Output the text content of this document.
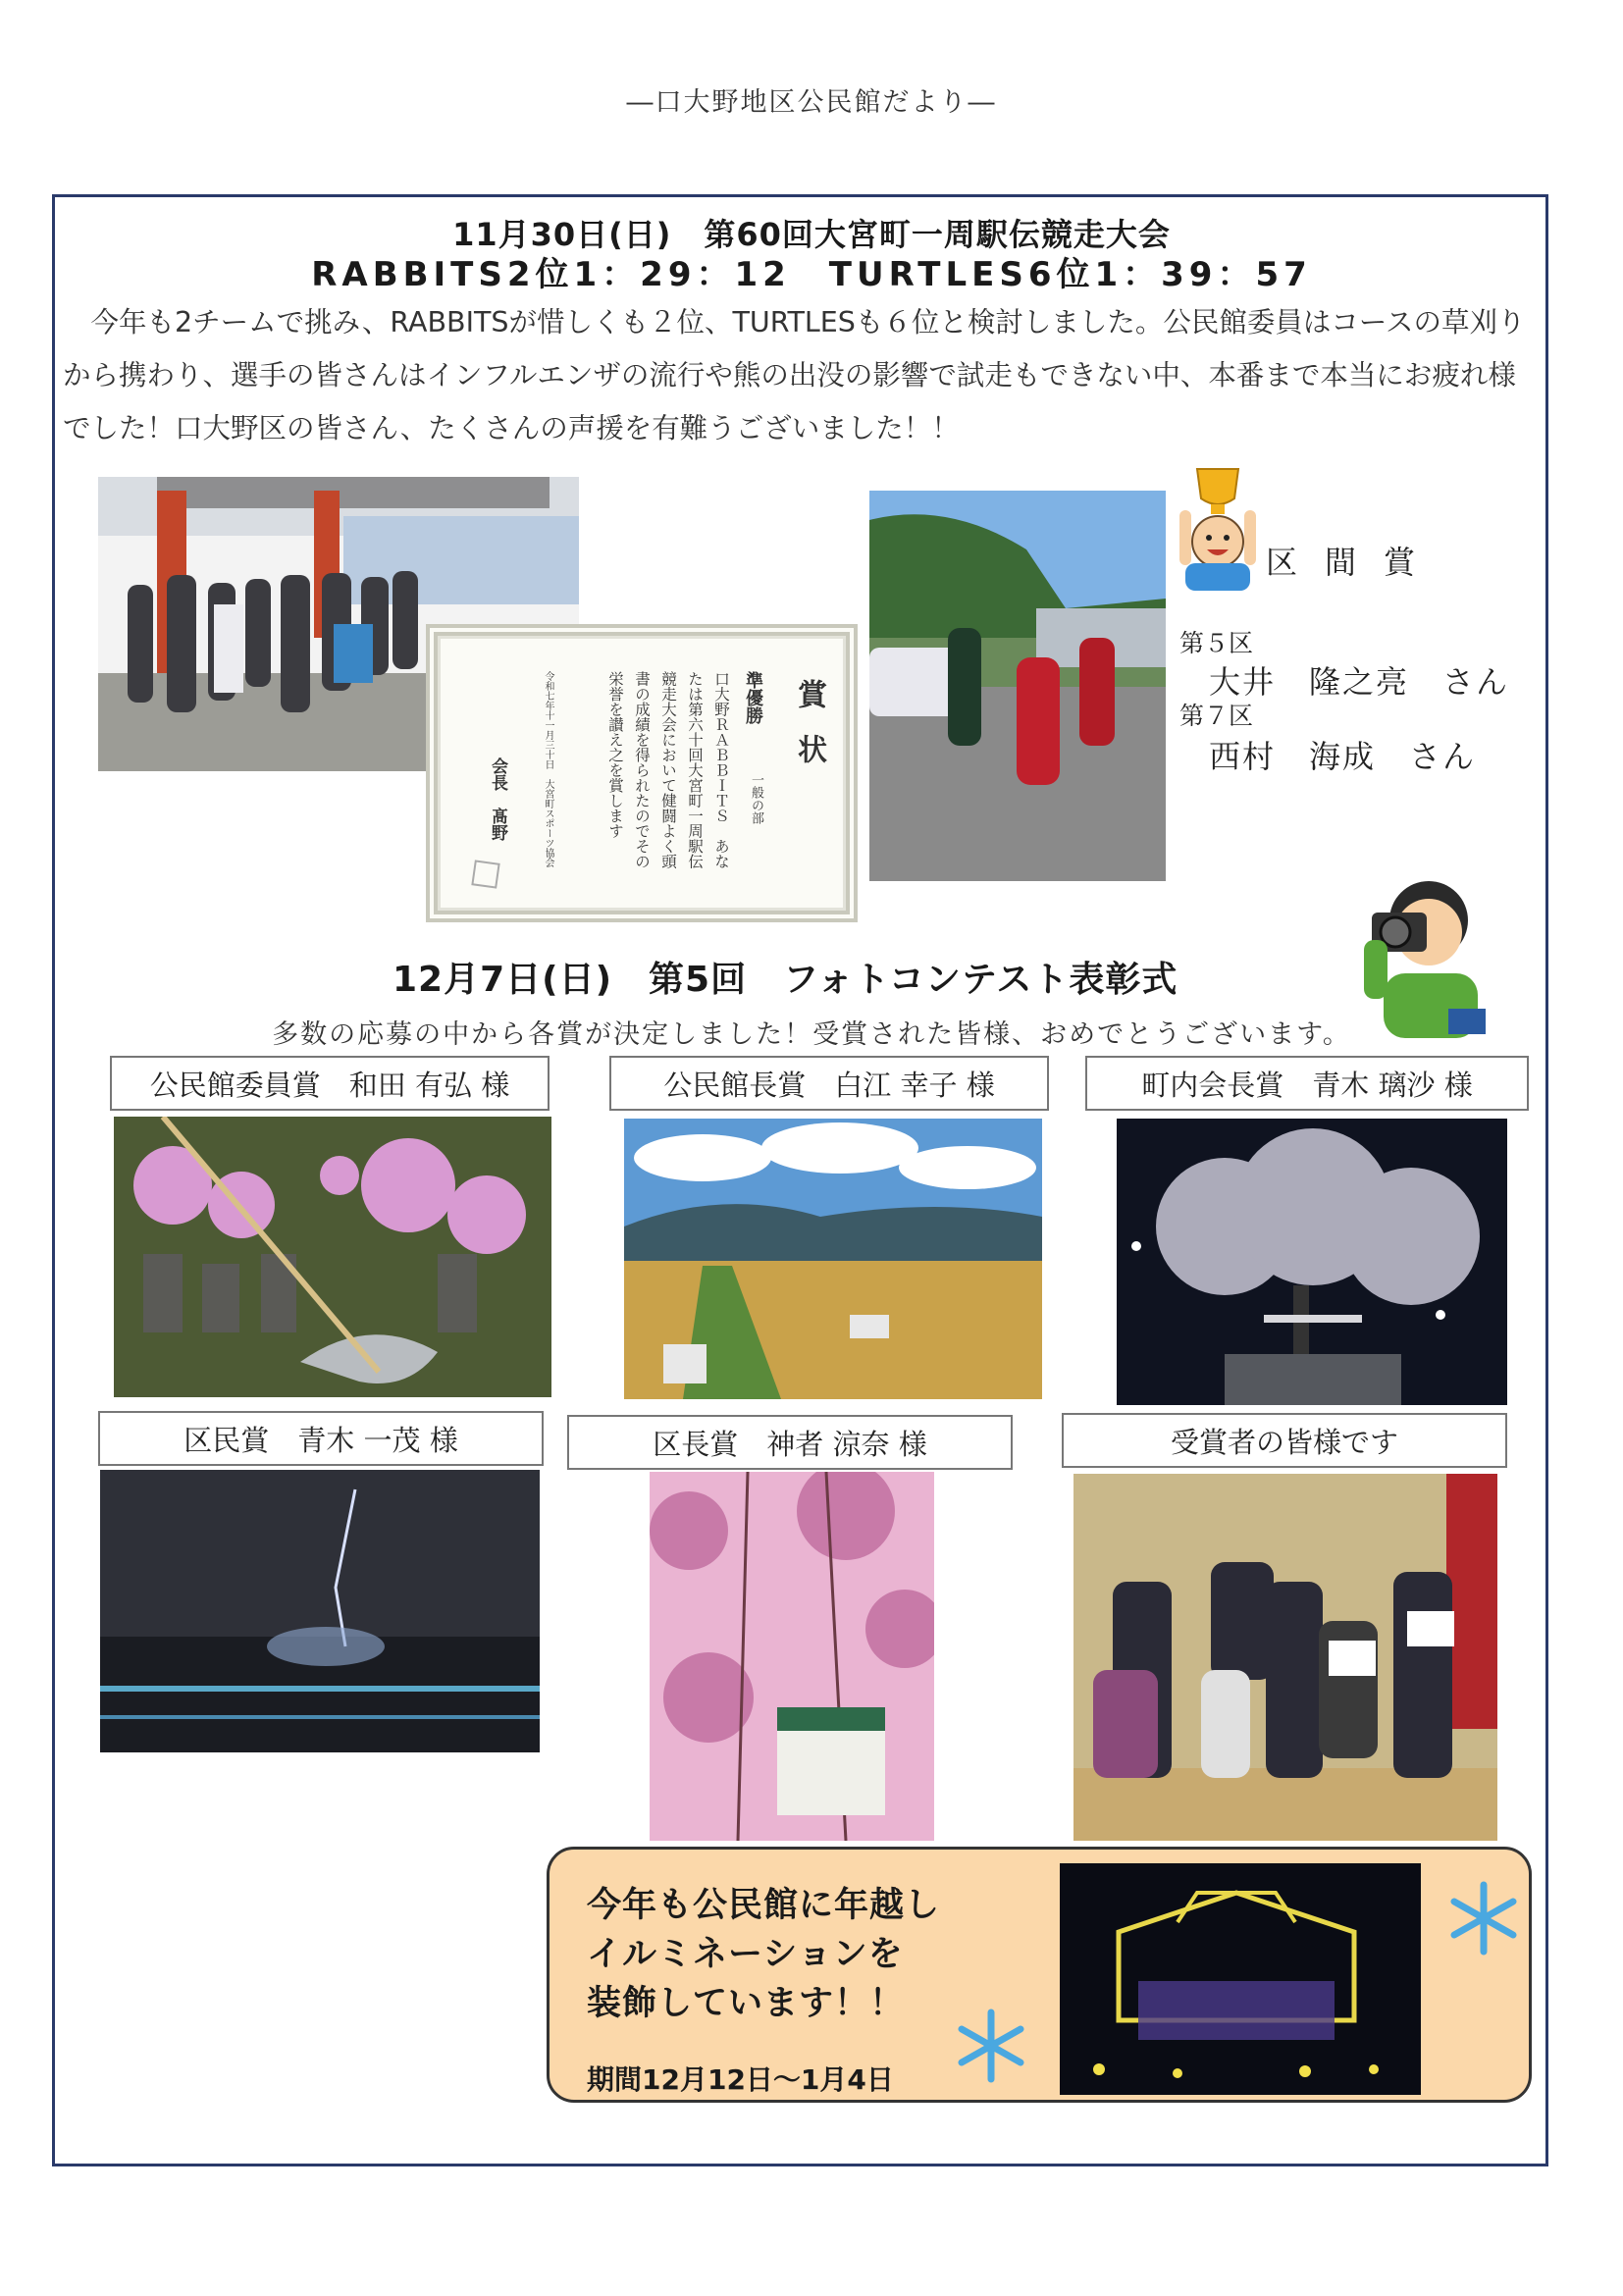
―口大野地区公民館だより―
11月30日(日)　第60回大宮町一周駅伝競走大会
RABBITS2位1：29：12　TURTLES6位1：39：57
　今年も2チームで挑み、RABBITSが惜しくも２位、TURTLESも６位と検討しました。公民館委員はコースの草刈りから携わり、選手の皆さんはインフルエンザの流行や熊の出没の影響で試走もできない中、本番まで本当にお疲れ様でした！口大野区の皆さん、たくさんの声援を有難うございました！！
賞状
準優勝
一般の部
口大野ＲＡＢＢＩＴＳ　あなたは第六十回大宮町一周駅伝競走大会において健闘よく頭書の成績を得られたのでその栄誉を讃え之を賞します
令和七年十一月三十日　大宮町スポーツ協会
会長　髙野
区間賞
第５区
大井　隆之亮　さん
第７区
西村　海成　さん
12月7日(日)　第5回　フォトコンテスト表彰式
多数の応募の中から各賞が決定しました！受賞された皆様、おめでとうございます。
公民館委員賞　和田 有弘 様	公民館長賞　白江 幸子 様	町内会長賞　青木 璃沙 様
区民賞　青木 一茂 様	区長賞　神者 涼奈 様	受賞者の皆様です
今年も公民館に年越し
イルミネーションを
装飾しています！！
期間12月12日～1月4日
